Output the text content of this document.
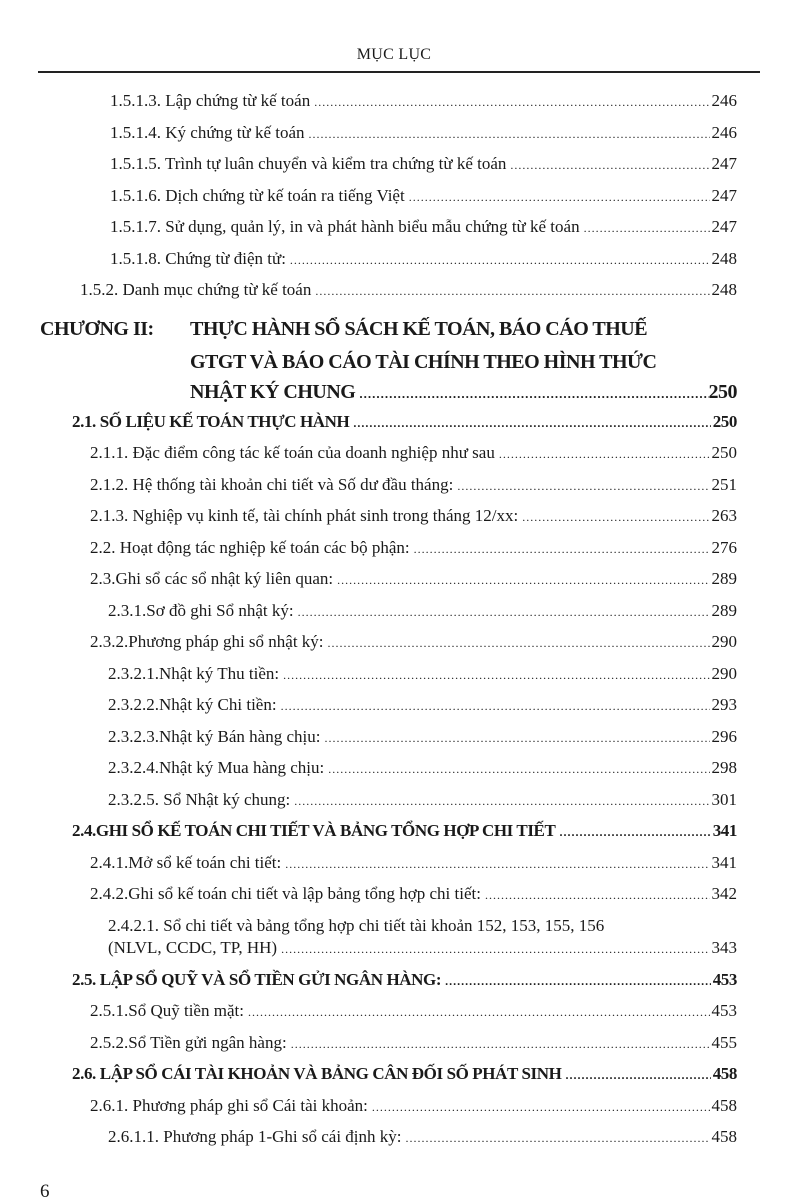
MỤC LỤC
1.5.1.3. Lập chứng từ kế toán .....	246
1.5.1.4. Ký chứng từ kế toán .....	246
1.5.1.5. Trình tự luân chuyển và kiểm tra chứng từ kế toán .....	247
1.5.1.6. Dịch chứng từ kế toán ra tiếng Việt .....	247
1.5.1.7. Sử dụng, quản lý, in và phát hành biểu mẫu chứng từ kế toán .....	247
1.5.1.8. Chứng từ điện tử: .....	248
1.5.2. Danh mục chứng từ kế toán .....	248
CHƯƠNG II:	THỰC HÀNH SỔ SÁCH KẾ TOÁN, BÁO CÁO THUẾ
GTGT VÀ BÁO CÁO TÀI CHÍNH THEO HÌNH THỨC
NHẬT KÝ CHUNG .....	250
2.1. SỐ LIỆU KẾ TOÁN THỰC HÀNH .....	250
2.1.1. Đặc điểm công tác kế toán của doanh nghiệp như sau .....	250
2.1.2. Hệ thống tài khoản chi tiết và Số dư đầu tháng: .....	251
2.1.3. Nghiệp vụ kinh tế, tài chính phát sinh trong tháng 12/xx: .....	263
2.2. Hoạt động tác nghiệp kế toán các bộ phận: .....	276
2.3.Ghi sổ các sổ nhật ký liên quan: .....	289
2.3.1.Sơ đồ ghi Sổ nhật ký: .....	289
2.3.2.Phương pháp ghi sổ nhật ký: .....	290
2.3.2.1.Nhật ký Thu tiền: .....	290
2.3.2.2.Nhật ký Chi tiền: .....	293
2.3.2.3.Nhật ký Bán hàng chịu: .....	296
2.3.2.4.Nhật ký Mua hàng chịu: .....	298
2.3.2.5. Sổ Nhật ký chung: .....	301
2.4.GHI SỔ KẾ TOÁN CHI TIẾT VÀ BẢNG TỔNG HỢP CHI TIẾT .....	341
2.4.1.Mở sổ kế toán chi tiết: .....	341
2.4.2.Ghi sổ kế toán chi tiết và lập bảng tổng hợp chi tiết: .....	342
2.4.2.1. Sổ chi tiết và bảng tổng hợp chi tiết tài khoản 152, 153, 155, 156
(NLVL, CCDC, TP, HH) .....	343
2.5. LẬP SỔ QUỸ VÀ SỔ TIỀN GỬI NGÂN HÀNG: .....	453
2.5.1.Sổ Quỹ tiền mặt: .....	453
2.5.2.Sổ Tiền gửi ngân hàng: .....	455
2.6. LẬP SỔ CÁI TÀI KHOẢN VÀ BẢNG CÂN ĐỐI SỐ PHÁT SINH .....	458
2.6.1. Phương pháp ghi sổ Cái tài khoản: .....	458
2.6.1.1. Phương pháp 1-Ghi sổ cái định kỳ: .....	458
6
